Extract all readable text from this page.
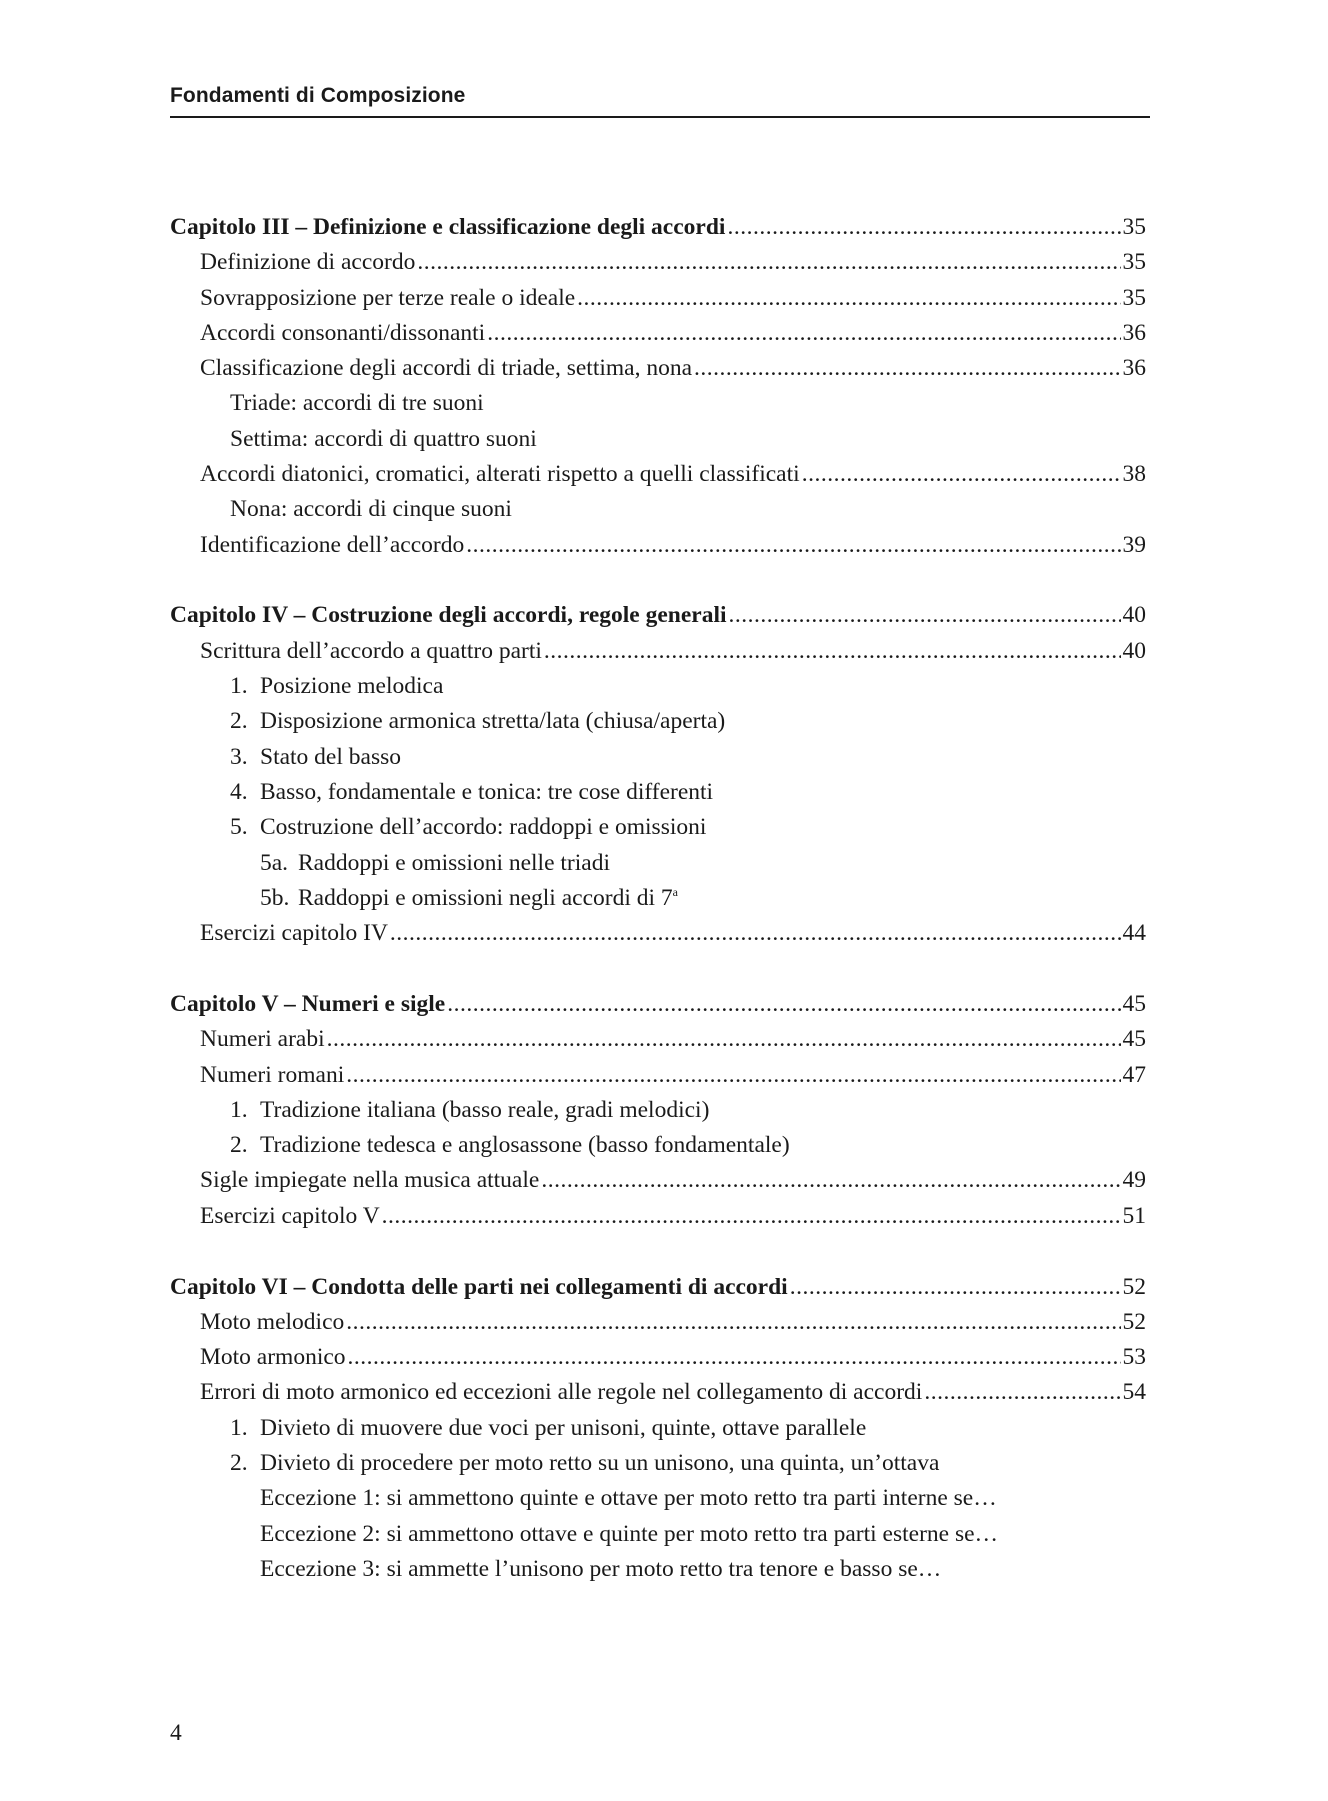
Fondamenti di Composizione
Capitolo III – Definizione e classificazione degli accordi .....	35
Definizione di accordo .....	35
Sovrapposizione per terze reale o ideale .....	35
Accordi consonanti/dissonanti .....	36
Classificazione degli accordi di triade, settima, nona .....	36
Triade: accordi di tre suoni
Settima: accordi di quattro suoni
Accordi diatonici, cromatici, alterati rispetto a quelli classificati .....	38
Nona: accordi di cinque suoni
Identificazione dell’accordo .....	39
Capitolo IV – Costruzione degli accordi, regole generali .....	40
Scrittura dell’accordo a quattro parti .....	40
1. Posizione melodica
2. Disposizione armonica stretta/lata (chiusa/aperta)
3. Stato del basso
4. Basso, fondamentale e tonica: tre cose differenti
5. Costruzione dell’accordo: raddoppi e omissioni
5a. Raddoppi e omissioni nelle triadi
5b. Raddoppi e omissioni negli accordi di 7$^a$
Esercizi capitolo IV .....	44
Capitolo V – Numeri e sigle .....	45
Numeri arabi .....	45
Numeri romani .....	47
1. Tradizione italiana (basso reale, gradi melodici)
2. Tradizione tedesca e anglosassone (basso fondamentale)
Sigle impiegate nella musica attuale .....	49
Esercizi capitolo V .....	51
Capitolo VI – Condotta delle parti nei collegamenti di accordi .....	52
Moto melodico .....	52
Moto armonico .....	53
Errori di moto armonico ed eccezioni alle regole nel collegamento di accordi .....	54
1. Divieto di muovere due voci per unisoni, quinte, ottave parallele
2. Divieto di procedere per moto retto su un unisono, una quinta, un’ottava
Eccezione 1: si ammettono quinte e ottave per moto retto tra parti interne se…
Eccezione 2: si ammettono ottave e quinte per moto retto tra parti esterne se…
Eccezione 3: si ammette l’unisono per moto retto tra tenore e basso se…
4
